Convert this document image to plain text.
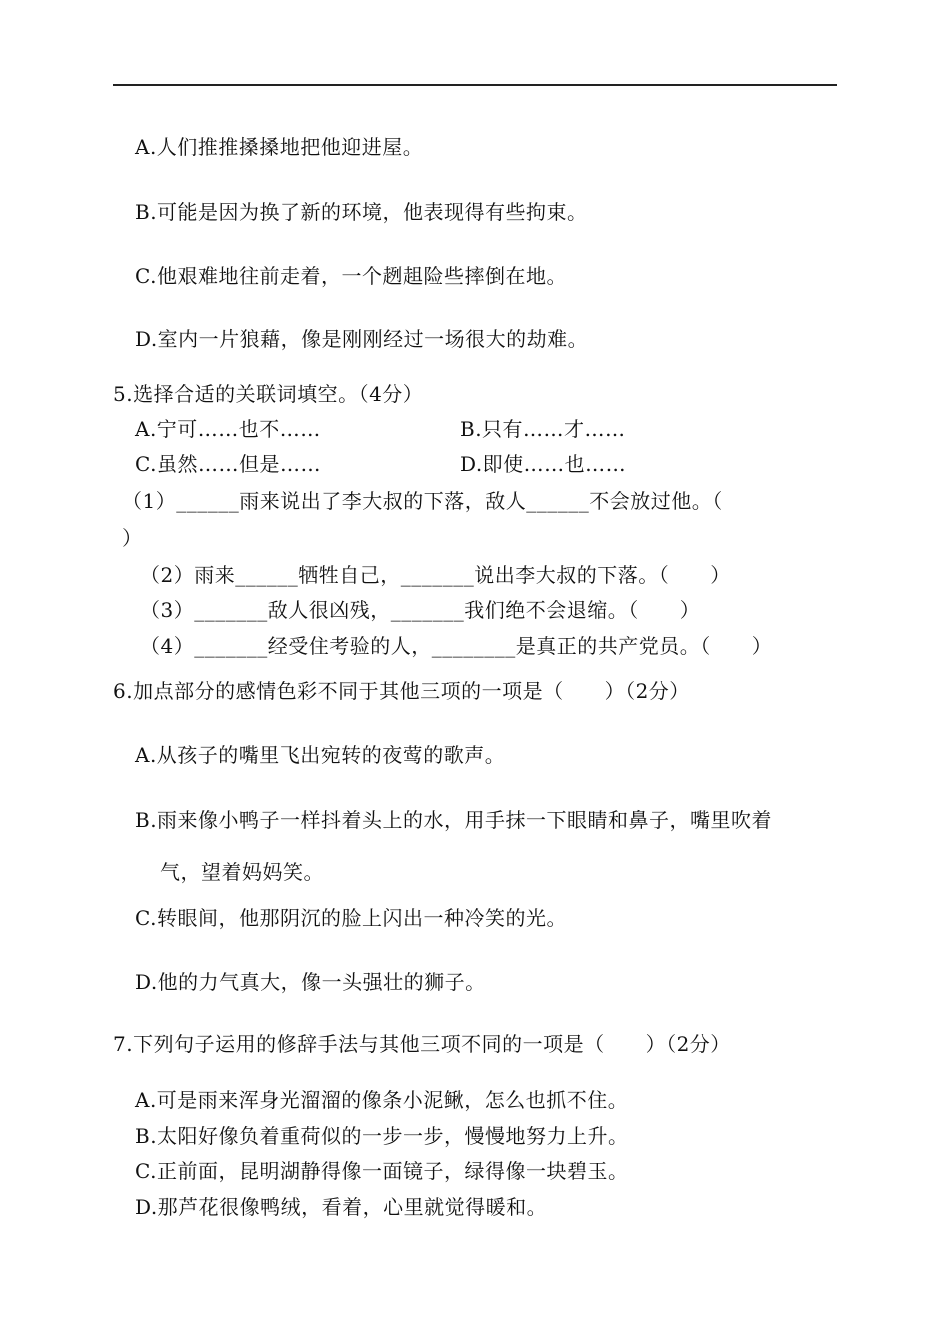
A.人们推推搡搡地把他迎进屋。
B.可能是因为换了新的环境，他表现得有些拘束。
C.他艰难地往前走着，一个趔趄险些摔倒在地。
D.室内一片狼藉，像是刚刚经过一场很大的劫难。
5.选择合适的关联词填空。（4分）
A.宁可……也不……	B.只有……才……
C.虽然……但是……	D.即使……也……
（1）______雨来说出了李大叔的下落，敌人______不会放过他。（
）
（2）雨来______牺牲自己，_______说出李大叔的下落。（　　）
（3）_______敌人很凶残，_______我们绝不会退缩。（　　）
（4）_______经受住考验的人，________是真正的共产党员。（　　）
6.加点部分的感情色彩不同于其他三项的一项是（　　）（2分）
A.从孩子的嘴里飞出宛转的夜莺的歌声。
B.雨来像小鸭子一样抖着头上的水，用手抹一下眼睛和鼻子，嘴里吹着
气，望着妈妈笑。
C.转眼间，他那阴沉的脸上闪出一种冷笑的光。
D.他的力气真大，像一头强壮的狮子。
7.下列句子运用的修辞手法与其他三项不同的一项是（　　）（2分）
A.可是雨来浑身光溜溜的像条小泥鳅，怎么也抓不住。
B.太阳好像负着重荷似的一步一步，慢慢地努力上升。
C.正前面，昆明湖静得像一面镜子，绿得像一块碧玉。
D.那芦花很像鸭绒，看着，心里就觉得暖和。
